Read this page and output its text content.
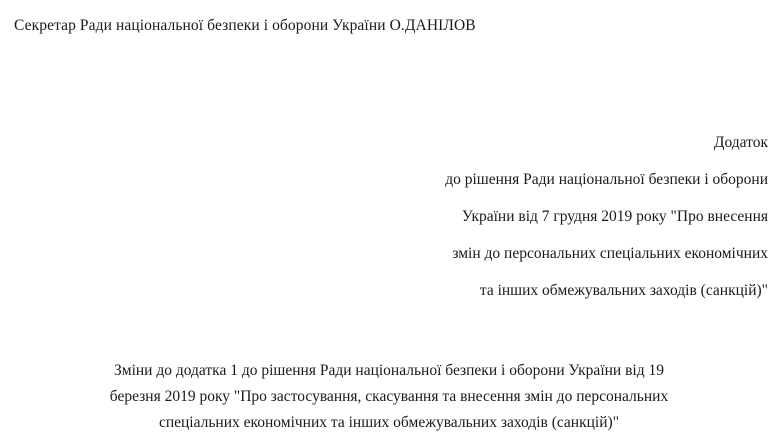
Секретар Ради національної безпеки і оборони України О.ДАНІЛОВ
Додаток
до рішення Ради національної безпеки і оборони
України від 7 грудня 2019 року "Про внесення
змін до персональних спеціальних економічних
та інших обмежувальних заходів (санкцій)"
Зміни до додатка 1 до рішення Ради національної безпеки і оборони України від 19
березня 2019 року "Про застосування, скасування та внесення змін до персональних
спеціальних економічних та інших обмежувальних заходів (санкцій)"
